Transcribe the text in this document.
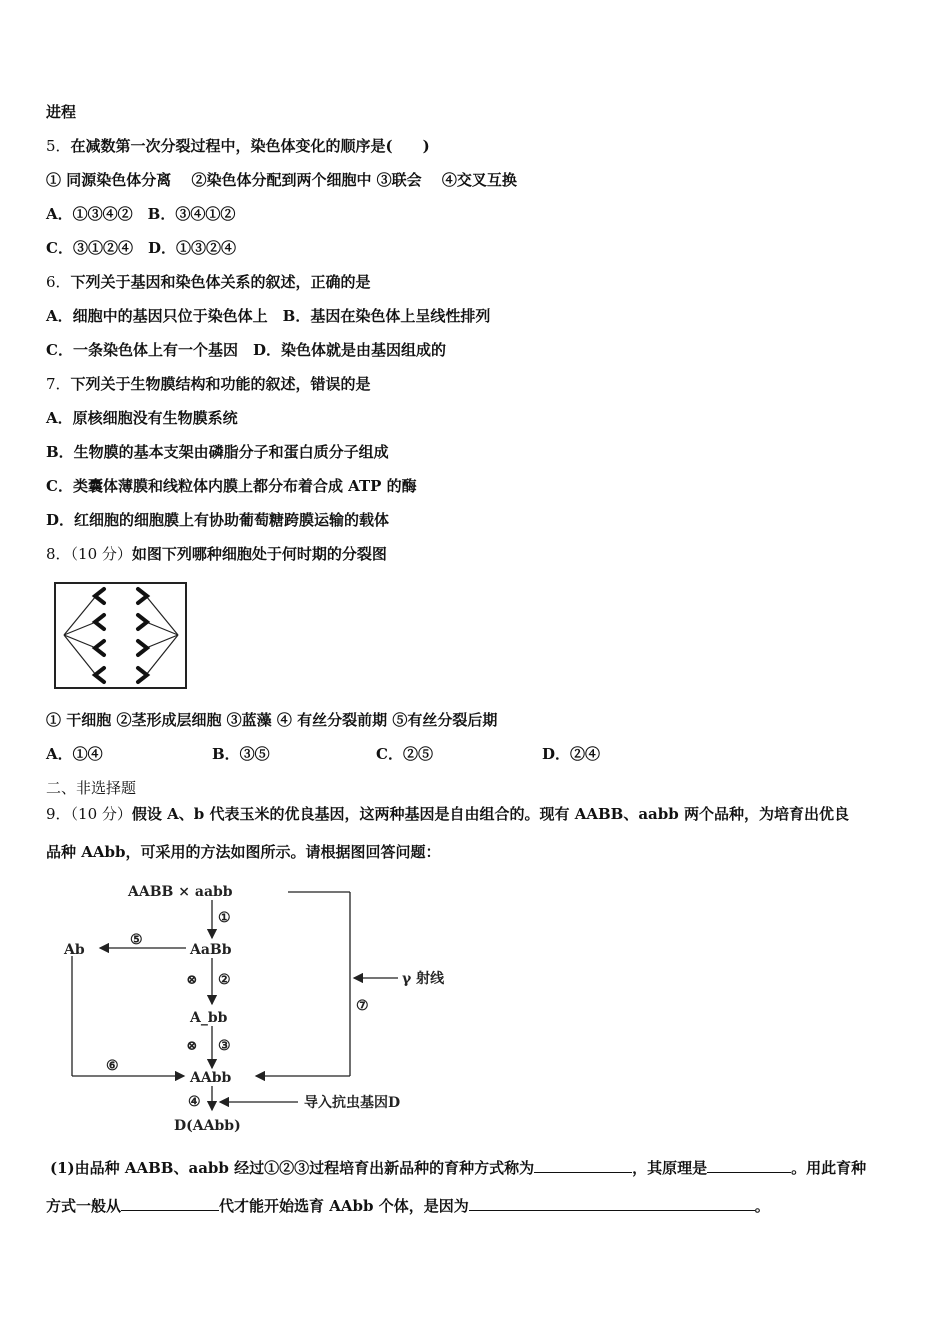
进程
5．在减数第一次分裂过程中，染色体变化的顺序是(　　)
① 同源染色体分离　 ②染色体分配到两个细胞中 ③联会　 ④交叉互换
A．①③④②　 B．③④①②
C．③①②④　 D．①③②④
6．下列关于基因和染色体关系的叙述，正确的是
A．细胞中的基因只位于染色体上　 B．基因在染色体上呈线性排列
C．一条染色体上有一个基因　 D．染色体就是由基因组成的
7．下列关于生物膜结构和功能的叙述，错误的是
A．原核细胞没有生物膜系统
B．生物膜的基本支架由磷脂分子和蛋白质分子组成
C．类囊体薄膜和线粒体内膜上都分布着合成 ATP 的酶
D．红细胞的细胞膜上有协助葡萄糖跨膜运输的载体
8．（10 分）如图下列哪种细胞处于何时期的分裂图
① 干细胞 ②茎形成层细胞 ③蓝藻 ④ 有丝分裂前期 ⑤有丝分裂后期
A．①④	B．③⑤	C．②⑤	D．②④
二、非选择题
9．（10 分）假设 A、b 代表玉米的优良基因，这两种基因是自由组合的。现有 AABB、aabb 两个品种，为培育出优良
品种 AAbb，可采用的方法如图所示。请根据图回答问题：
AABB × aabb
①
AaBb
⊗ ②
A_bb
⊗ ③
AAbb
④
D(AAbb)
导入抗虫基因D
Ab
⑤
⑥
⑦
γ 射线
(1)由品种 AABB、aabb 经过①②③过程培育出新品种的育种方式称为	，其原理是	。用此育种
方式一般从	代才能开始选育 AAbb 个体，是因为	。
